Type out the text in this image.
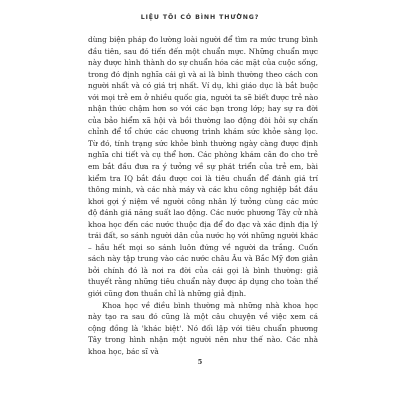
LIỆU TÔI CÓ BÌNH THƯỜNG?

dùng biện pháp đo lường loài người để tìm ra mức trung bình đầu tiên, sau đó tiến đến một chuẩn mực. Những chuẩn mực này được hình thành do sự chuẩn hóa các mặt của cuộc sống, trong đó định nghĩa cái gì và ai là bình thường theo cách con người nhất và có giá trị nhất. Ví dụ, khi giáo dục là bắt buộc với mọi trẻ em ở nhiều quốc gia, người ta sẽ biết được trẻ nào nhận thức chậm hơn so với các bạn trong lớp; hay sự ra đời của bảo hiểm xã hội và bồi thường lao động đòi hỏi sự chấn chỉnh để tổ chức các chương trình khám sức khỏe sàng lọc. Từ đó, tính trạng sức khỏe bình thường ngày càng được định nghĩa chi tiết và cụ thể hơn. Các phòng khám cân đo cho trẻ em bắt đầu đưa ra ý tưởng về sự phát triển của trẻ em, bài kiểm tra IQ bắt đầu được coi là tiêu chuẩn để đánh giá trí thông minh, và các nhà máy và các khu công nghiệp bắt đầu khơi gợi ý niệm về người công nhân lý tưởng cùng các mức độ đánh giá năng suất lao động. Các nước phương Tây cử nhà khoa học đến các nước thuộc địa để đo đạc và xác định địa lý trái đất, so sánh người dân của nước họ với những người khác – hầu hết mọi so sánh luôn đứng về người da trắng. Cuốn sách này tập trung vào các nước châu Âu và Bắc Mỹ đơn giản bởi chính đó là nơi ra đời của cái gọi là bình thường: giả thuyết rằng những tiêu chuẩn này được áp dụng cho toàn thế giới cũng đơn thuần chỉ là những giả định.

Khoa học về điều bình thường mà những nhà khoa học này tạo ra sau đó cũng là một câu chuyện về việc xem cá cộng đồng là 'khác biệt'. Nó đối lập với tiêu chuẩn phương Tây trong hình nhận một người nên như thế nào. Các nhà khoa học, bác sĩ và

5
